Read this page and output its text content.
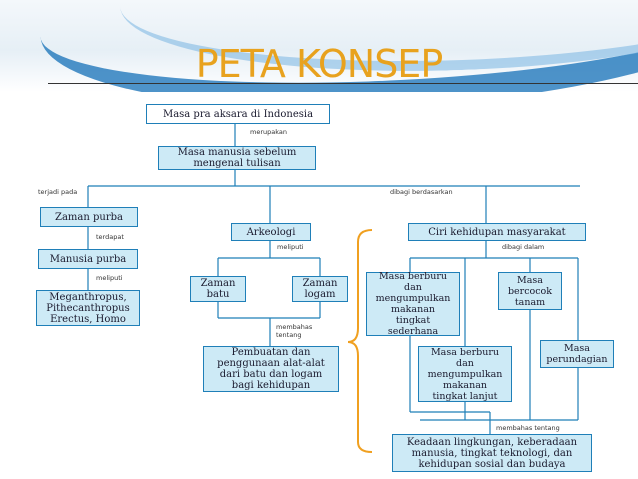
PETA KONSEP
Masa pra aksara di Indonesia
Masa manusia sebelum
mengenal tulisan
Zaman purba
Manusia purba
Meganthropus,
Pithecanthropus
Erectus, Homo
Arkeologi
Zaman
batu
Zaman
logam
Pembuatan dan
penggunaan alat-alat
dari batu dan logam
bagi kehidupan
Ciri kehidupan masyarakat
Masa berburu
dan
mengumpulkan
makanan
tingkat
sederhana
Masa
bercocok
tanam
Masa berburu
dan
mengumpulkan
makanan
tingkat lanjut
Masa
perundagian
Keadaan lingkungan, keberadaan
manusia, tingkat teknologi, dan
kehidupan sosial dan budaya
merupakan
terjadi pada	dibagi berdasarkan
terdapat
meliputi
meliputi
membahas
tentang
dibagi dalam
membahas tentang
